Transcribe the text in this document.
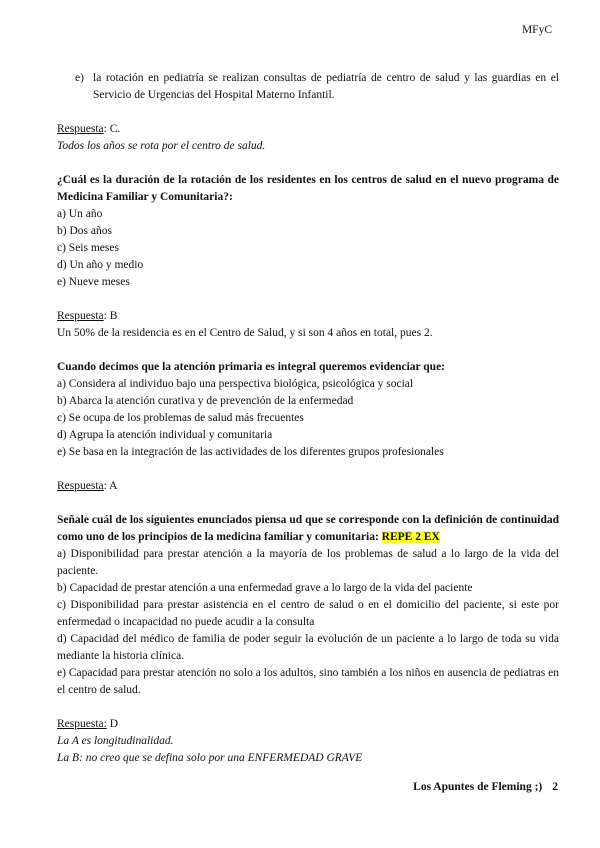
MFyC
e) la rotación en pediatría se realizan consultas de pediatría de centro de salud y las guardias en el Servicio de Urgencias del Hospital Materno Infantil.

Respuesta: C.

Todos los años se rota por el centro de salud.

¿Cuál es la duración de la rotación de los residentes en los centros de salud en el nuevo programa de Medicina Familiar y Comunitaria?:

a) Un año

b) Dos años

c) Seis meses

d) Un año y medio

e) Nueve meses

Respuesta: B

Un 50% de la residencia es en el Centro de Salud, y si son 4 años en total, pues 2.

Cuando decimos que la atención primaria es integral queremos evidenciar que:

a) Considera al individuo bajo una perspectiva biológica, psicológica y social

b) Abarca la atención curativa y de prevención de la enfermedad

c) Se ocupa de los problemas de salud más frecuentes

d) Agrupa la atención individual y comunitaria

e) Se basa en la integración de las actividades de los diferentes grupos profesionales

Respuesta: A

Señale cuál de los siguientes enunciados piensa ud que se corresponde con la definición de continuidad como uno de los principios de la medicina familiar y comunitaria: REPE 2 EX

a) Disponibilidad para prestar atención a la mayoría de los problemas de salud a lo largo de la vida del paciente.

b) Capacidad de prestar atención a una enfermedad grave a lo largo de la vida del paciente

c) Disponibilidad para prestar asistencia en el centro de salud o en el domicilio del paciente, si este por enfermedad o incapacidad no puede acudir a la consulta

d) Capacidad del médico de familia de poder seguir la evolución de un paciente a lo largo de toda su vida mediante la historia clínica.

e) Capacidad para prestar atención no solo a los adultos, sino también a los niños en ausencia de pediatras en el centro de salud.

Respuesta: D

La A es longitudinalidad.

La B: no creo que se defina solo por una ENFERMEDAD GRAVE

Los Apuntes de Fleming ;) 2
